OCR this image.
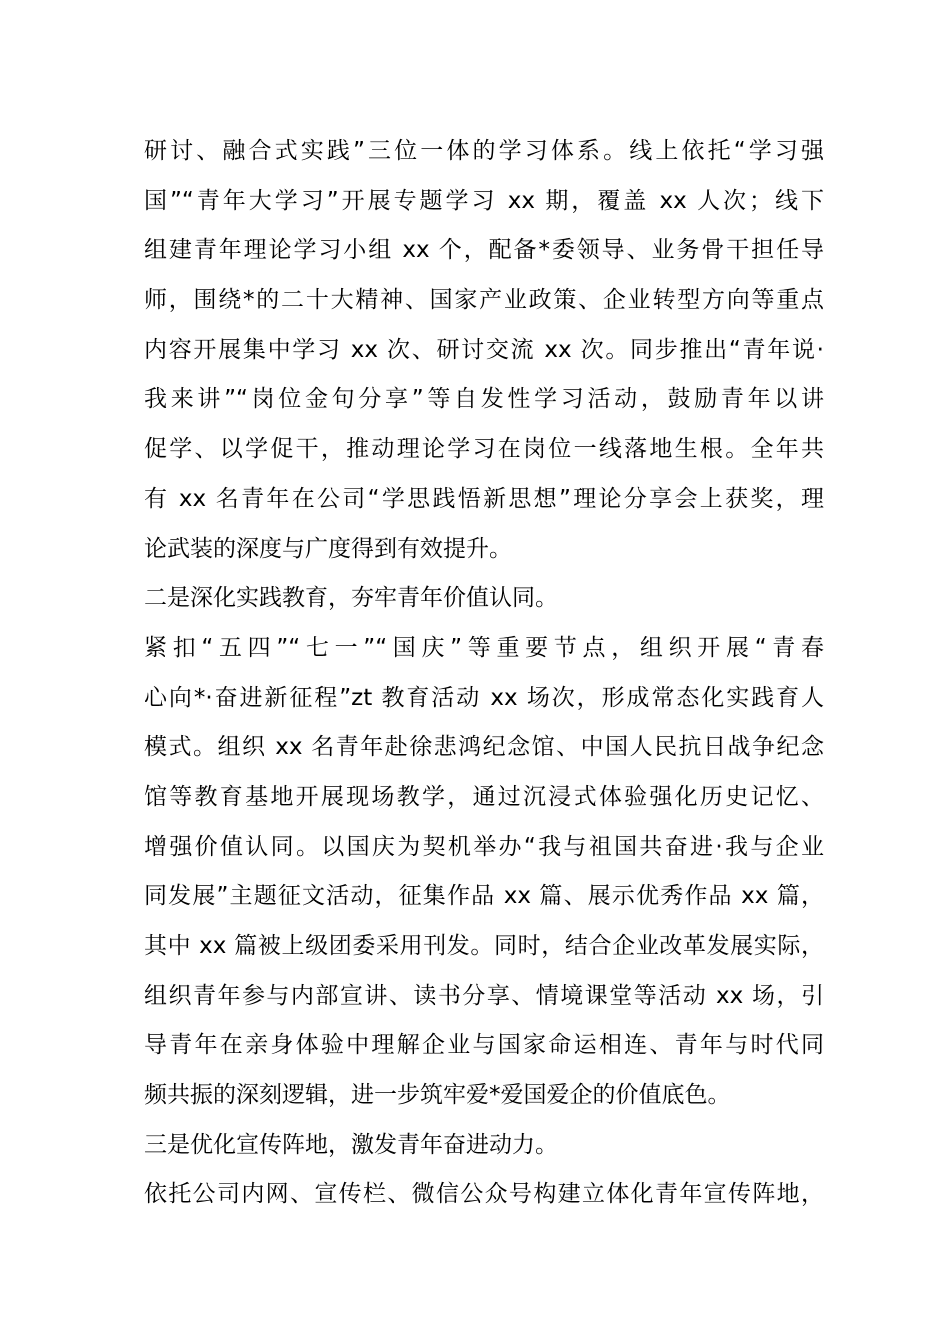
研讨、融合式实践”三位一体的学习体系。线上依托“学习强
国”“青年大学习”开展专题学习 xx 期，覆盖 xx 人次；线下
组建青年理论学习小组 xx 个，配备*委领导、业务骨干担任导
师，围绕*的二十大精神、国家产业政策、企业转型方向等重点
内容开展集中学习 xx 次、研讨交流 xx 次。同步推出“青年说·
我来讲”“岗位金句分享”等自发性学习活动，鼓励青年以讲
促学、以学促干，推动理论学习在岗位一线落地生根。全年共
有 xx 名青年在公司“学思践悟新思想”理论分享会上获奖，理
论武装的深度与广度得到有效提升。
二是深化实践教育，夯牢青年价值认同。
紧扣“五四”“七一”“国庆”等重要节点，组织开展“青春
心向*·奋进新征程”zt 教育活动 xx 场次，形成常态化实践育人
模式。组织 xx 名青年赴徐悲鸿纪念馆、中国人民抗日战争纪念
馆等教育基地开展现场教学，通过沉浸式体验强化历史记忆、
增强价值认同。以国庆为契机举办“我与祖国共奋进·我与企业
同发展”主题征文活动，征集作品 xx 篇、展示优秀作品 xx 篇，
其中 xx 篇被上级团委采用刊发。同时，结合企业改革发展实际，
组织青年参与内部宣讲、读书分享、情境课堂等活动 xx 场，引
导青年在亲身体验中理解企业与国家命运相连、青年与时代同
频共振的深刻逻辑，进一步筑牢爱*爱国爱企的价值底色。
三是优化宣传阵地，激发青年奋进动力。
依托公司内网、宣传栏、微信公众号构建立体化青年宣传阵地，
